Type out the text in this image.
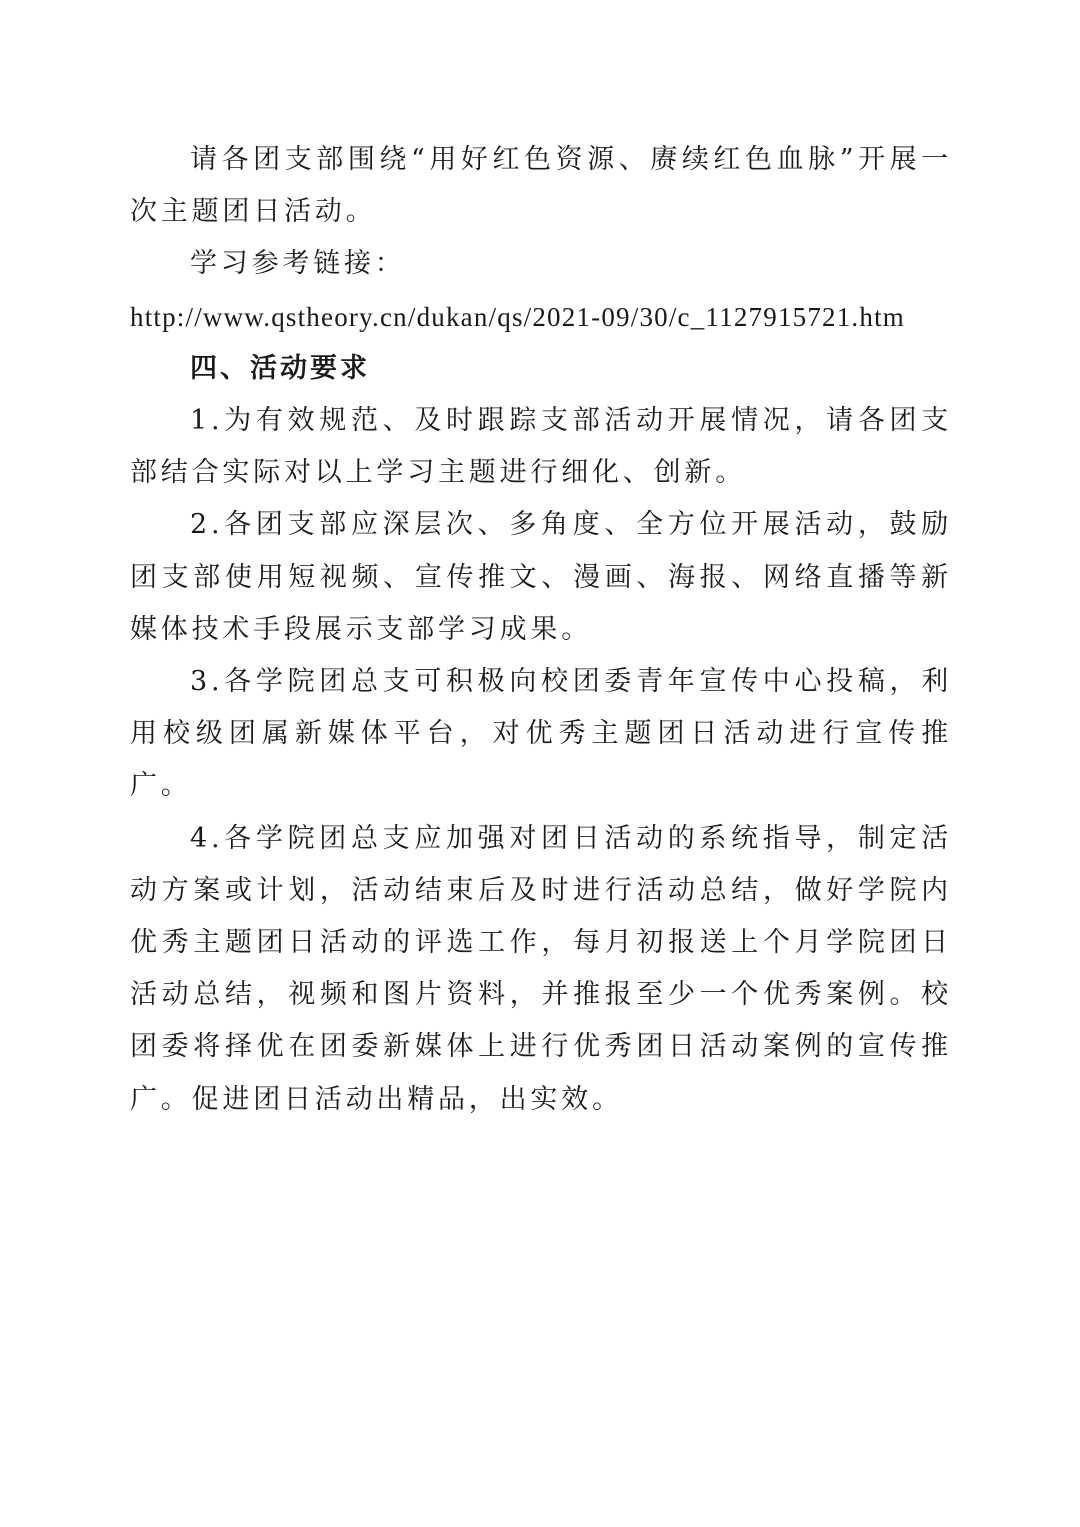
请各团支部围绕“用好红色资源、赓续红色血脉”开展一次主题团日活动。

学习参考链接：

http://www.qstheory.cn/dukan/qs/2021-09/30/c_1127915721.htm

四、活动要求

1.为有效规范、及时跟踪支部活动开展情况，请各团支部结合实际对以上学习主题进行细化、创新。

2.各团支部应深层次、多角度、全方位开展活动，鼓励团支部使用短视频、宣传推文、漫画、海报、网络直播等新媒体技术手段展示支部学习成果。

3.各学院团总支可积极向校团委青年宣传中心投稿，利用校级团属新媒体平台，对优秀主题团日活动进行宣传推广。

4.各学院团总支应加强对团日活动的系统指导，制定活动方案或计划，活动结束后及时进行活动总结，做好学院内优秀主题团日活动的评选工作，每月初报送上个月学院团日活动总结，视频和图片资料，并推报至少一个优秀案例。校团委将择优在团委新媒体上进行优秀团日活动案例的宣传推广。促进团日活动出精品，出实效。
